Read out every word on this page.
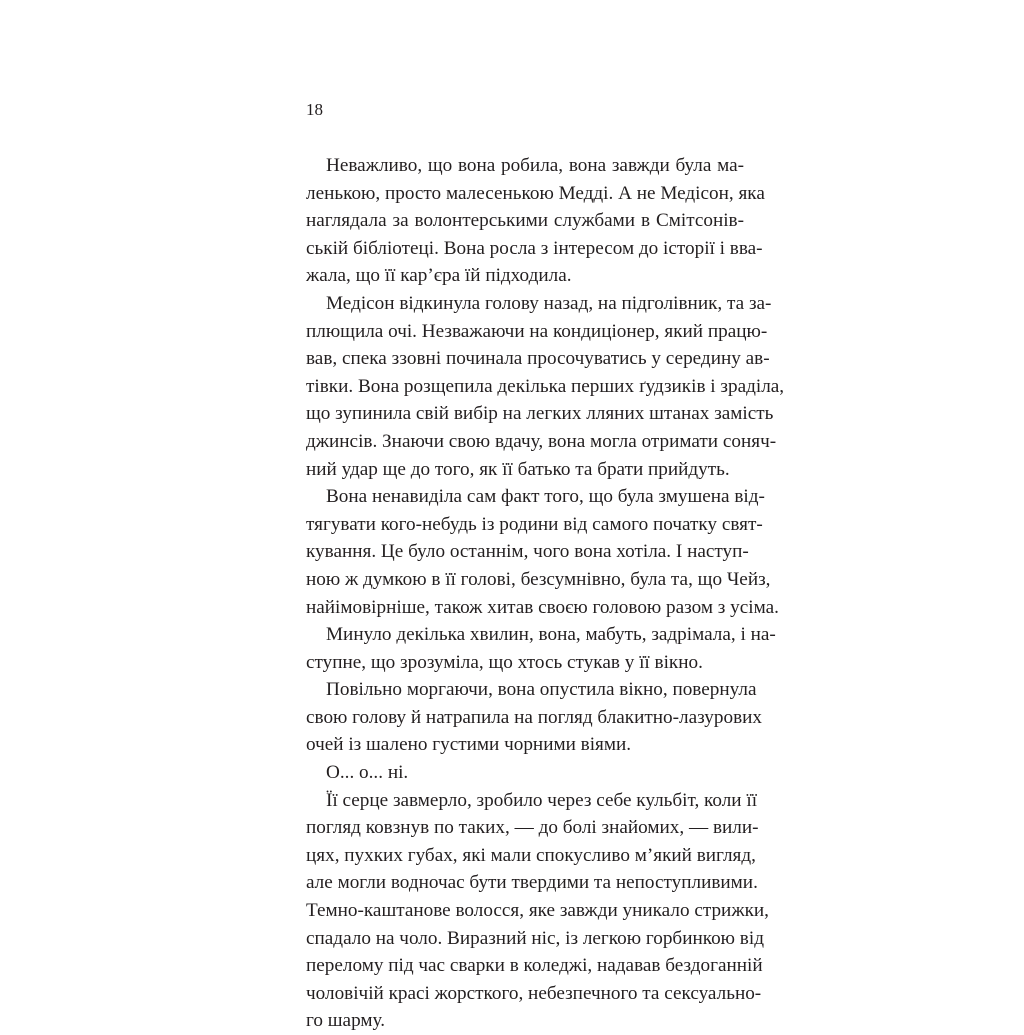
18
Неважливо, що вона робила, вона завжди була ма-
ленькою, просто малесенькою Медді. А не Медісон, яка
наглядала за волонтерськими службами в Смітсонів-
ській бібліотеці. Вона росла з інтересом до історії і вва-
жала, що її кар’єра їй підходила.
Медісон відкинула голову назад, на підголівник, та за-
плющила очі. Незважаючи на кондиціонер, який працю-
вав, спека ззовні починала просочуватись у середину ав-
тівки. Вона розщепила декілька перших ґудзиків і зраділа,
що зупинила свій вибір на легких лляних штанах замість
джинсів. Знаючи свою вдачу, вона могла отримати соняч-
ний удар ще до того, як її батько та брати прийдуть.
Вона ненавиділа сам факт того, що була змушена від-
тягувати кого-небудь із родини від самого початку свят-
кування. Це було останнім, чого вона хотіла. І наступ-
ною ж думкою в її голові, безсумнівно, була та, що Чейз,
найімовірніше, також хитав своєю головою разом з усіма.
Минуло декілька хвилин, вона, мабуть, задрімала, і на-
ступне, що зрозуміла, що хтось стукав у її вікно.
Повільно моргаючи, вона опустила вікно, повернула
свою голову й натрапила на погляд блакитно-лазурових
очей із шалено густими чорними віями.
О... о... ні.
Її серце завмерло, зробило через себе кульбіт, коли її
погляд ковзнув по таких, — до болі знайомих, — вили-
цях, пухких губах, які мали спокусливо м’який вигляд,
але могли водночас бути твердими та непоступливими.
Темно-каштанове волосся, яке завжди уникало стрижки,
спадало на чоло. Виразний ніс, із легкою горбинкою від
перелому під час сварки в коледжі, надавав бездоганній
чоловічій красі жорсткого, небезпечного та сексуально-
го шарму.
